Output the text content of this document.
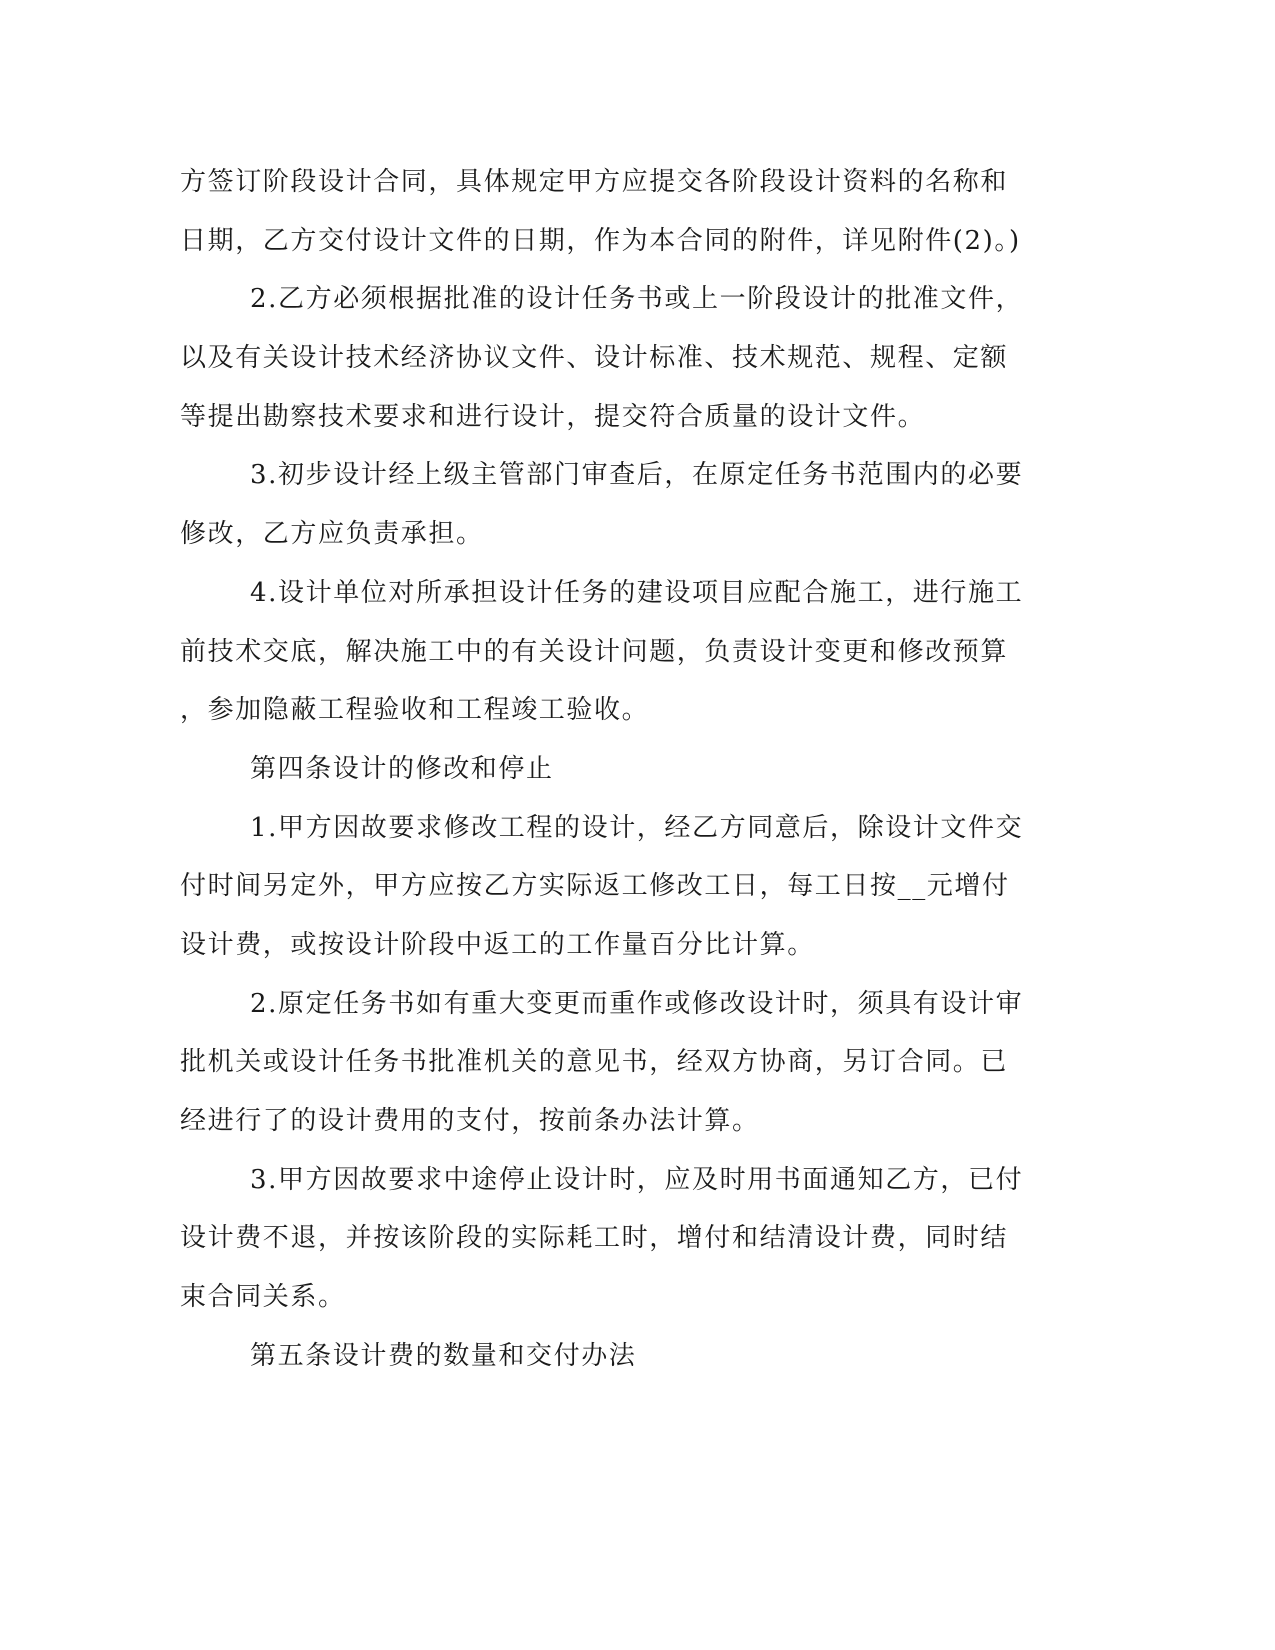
方签订阶段设计合同，具体规定甲方应提交各阶段设计资料的名称和
日期，乙方交付设计文件的日期，作为本合同的附件，详见附件(2)。)
2.乙方必须根据批准的设计任务书或上一阶段设计的批准文件，
以及有关设计技术经济协议文件、设计标准、技术规范、规程、定额
等提出勘察技术要求和进行设计，提交符合质量的设计文件。
3.初步设计经上级主管部门审查后，在原定任务书范围内的必要
修改，乙方应负责承担。
4.设计单位对所承担设计任务的建设项目应配合施工，进行施工
前技术交底，解决施工中的有关设计问题，负责设计变更和修改预算
，参加隐蔽工程验收和工程竣工验收。
第四条设计的修改和停止
1.甲方因故要求修改工程的设计，经乙方同意后，除设计文件交
付时间另定外，甲方应按乙方实际返工修改工日，每工日按__元增付
设计费，或按设计阶段中返工的工作量百分比计算。
2.原定任务书如有重大变更而重作或修改设计时，须具有设计审
批机关或设计任务书批准机关的意见书，经双方协商，另订合同。已
经进行了的设计费用的支付，按前条办法计算。
3.甲方因故要求中途停止设计时，应及时用书面通知乙方，已付
设计费不退，并按该阶段的实际耗工时，增付和结清设计费，同时结
束合同关系。
第五条设计费的数量和交付办法
